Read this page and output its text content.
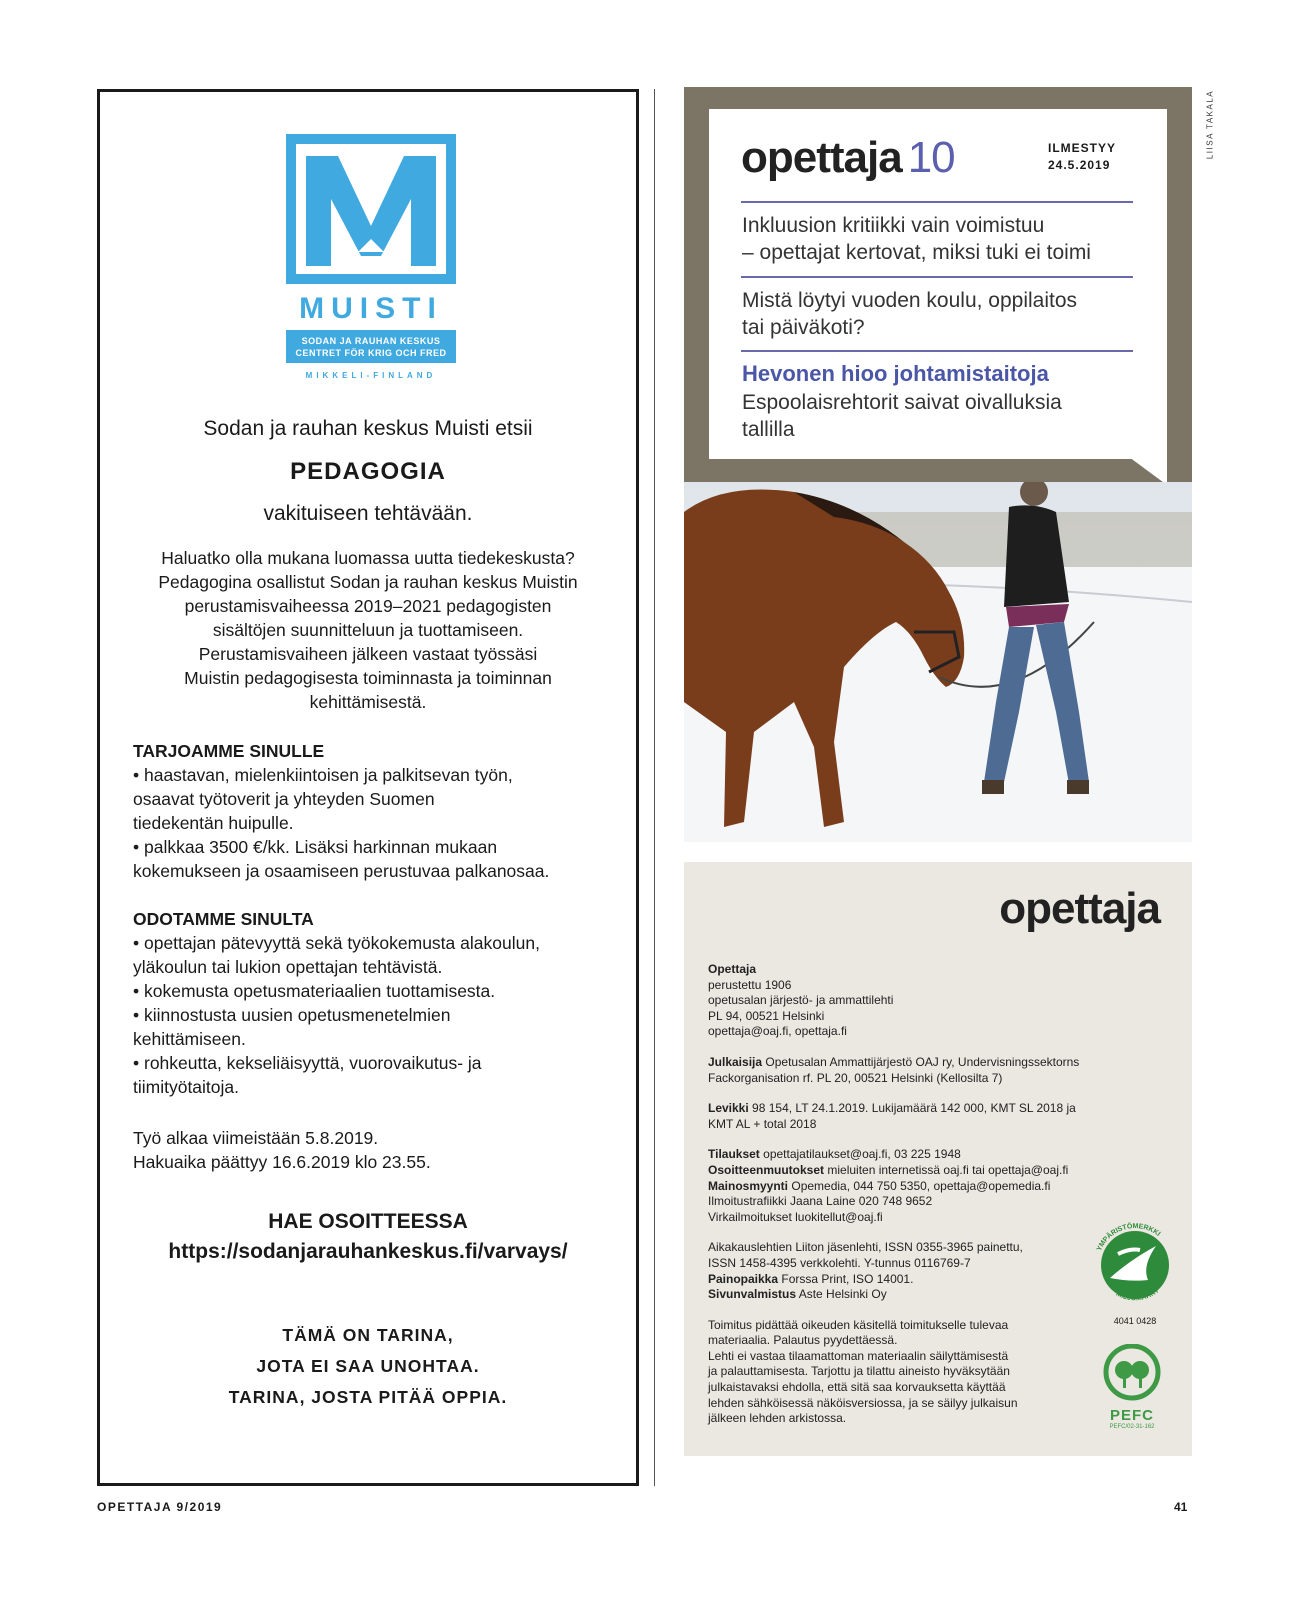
MUISTI
SODAN JA RAUHAN KESKUS
CENTRET FÖR KRIG OCH FRED
MIKKELI-FINLAND
Sodan ja rauhan keskus Muisti etsii
PEDAGOGIA
vakituiseen tehtävään.
Haluatko olla mukana luomassa uutta tiedekeskusta?
Pedagogina osallistut Sodan ja rauhan keskus Muistin
perustamisvaiheessa 2019–2021 pedagogisten
sisältöjen suunnitteluun ja tuottamiseen.
Perustamisvaiheen jälkeen vastaat työssäsi
Muistin pedagogisesta toiminnasta ja toiminnan
kehittämisestä.
TARJOAMME SINULLE
• haastavan, mielenkiintoisen ja palkitsevan työn,
osaavat työtoverit ja yhteyden Suomen
tiedekentän huipulle.
• palkkaa 3500 €/kk. Lisäksi harkinnan mukaan
kokemukseen ja osaamiseen perustuvaa palkanosaa.
ODOTAMME SINULTA
• opettajan pätevyyttä sekä työkokemusta alakoulun,
yläkoulun tai lukion opettajan tehtävistä.
• kokemusta opetusmateriaalien tuottamisesta.
• kiinnostusta uusien opetusmenetelmien
kehittämiseen.
• rohkeutta, kekseliäisyyttä, vuorovaikutus- ja
tiimityötaitoja.
Työ alkaa viimeistään 5.8.2019.
Hakuaika päättyy 16.6.2019 klo 23.55.
HAE OSOITTEESSA
https://sodanjarauhankeskus.fi/varvays/
TÄMÄ ON TARINA,
JOTA EI SAA UNOHTAA.
TARINA, JOSTA PITÄÄ OPPIA.
LIISA TAKALA
opettaja 10	ILMESTYY
24.5.2019
Inkluusion kritiikki vain voimistuu
– opettajat kertovat, miksi tuki ei toimi
Mistä löytyi vuoden koulu, oppilaitos
tai päiväkoti?
Hevonen hioo johtamistaitoja
Espoolaisrehtorit saivat oivalluksia
tallilla
opettaja
Opettaja
perustettu 1906
opetusalan järjestö- ja ammattilehti
PL 94, 00521 Helsinki
opettaja@oaj.fi, opettaja.fi
Julkaisija Opetusalan Ammattijärjestö OAJ ry, Undervisningssektorns
Fackorganisation rf. PL 20, 00521 Helsinki (Kellosilta 7)
Levikki 98 154, LT 24.1.2019. Lukijamäärä 142 000, KMT SL 2018 ja
KMT AL + total 2018
Tilaukset opettajatilaukset@oaj.fi, 03 225 1948
Osoitteenmuutokset mieluiten internetissä oaj.fi tai opettaja@oaj.fi
Mainosmyynti Opemedia, 044 750 5350, opettaja@opemedia.fi
Ilmoitustrafiikki Jaana Laine 020 748 9652
Virkailmoitukset luokitellut@oaj.fi
Aikakauslehtien Liiton jäsenlehti, ISSN 0355-3965 painettu,
ISSN 1458-4395 verkkolehti. Y-tunnus 0116769-7
Painopaikka Forssa Print, ISO 14001.
Sivunvalmistus Aste Helsinki Oy
Toimitus pidättää oikeuden käsitellä toimitukselle tulevaa
materiaalia. Palautus pyydettäessä.
Lehti ei vastaa tilaamattoman materiaalin säilyttämisestä
ja palauttamisesta. Tarjottu ja tilattu aineisto hyväksytään
julkaistavaksi ehdolla, että sitä saa korvauksetta käyttää
lehden sähköisessä näköisversiossa, ja se säilyy julkaisun
jälkeen lehden arkistossa.
YMPÄRISTÖMERKKI
MILJÖMÄRKT
4041 0428
PEFC
PEFC/02-31-162
OPETTAJA 9/2019	41
